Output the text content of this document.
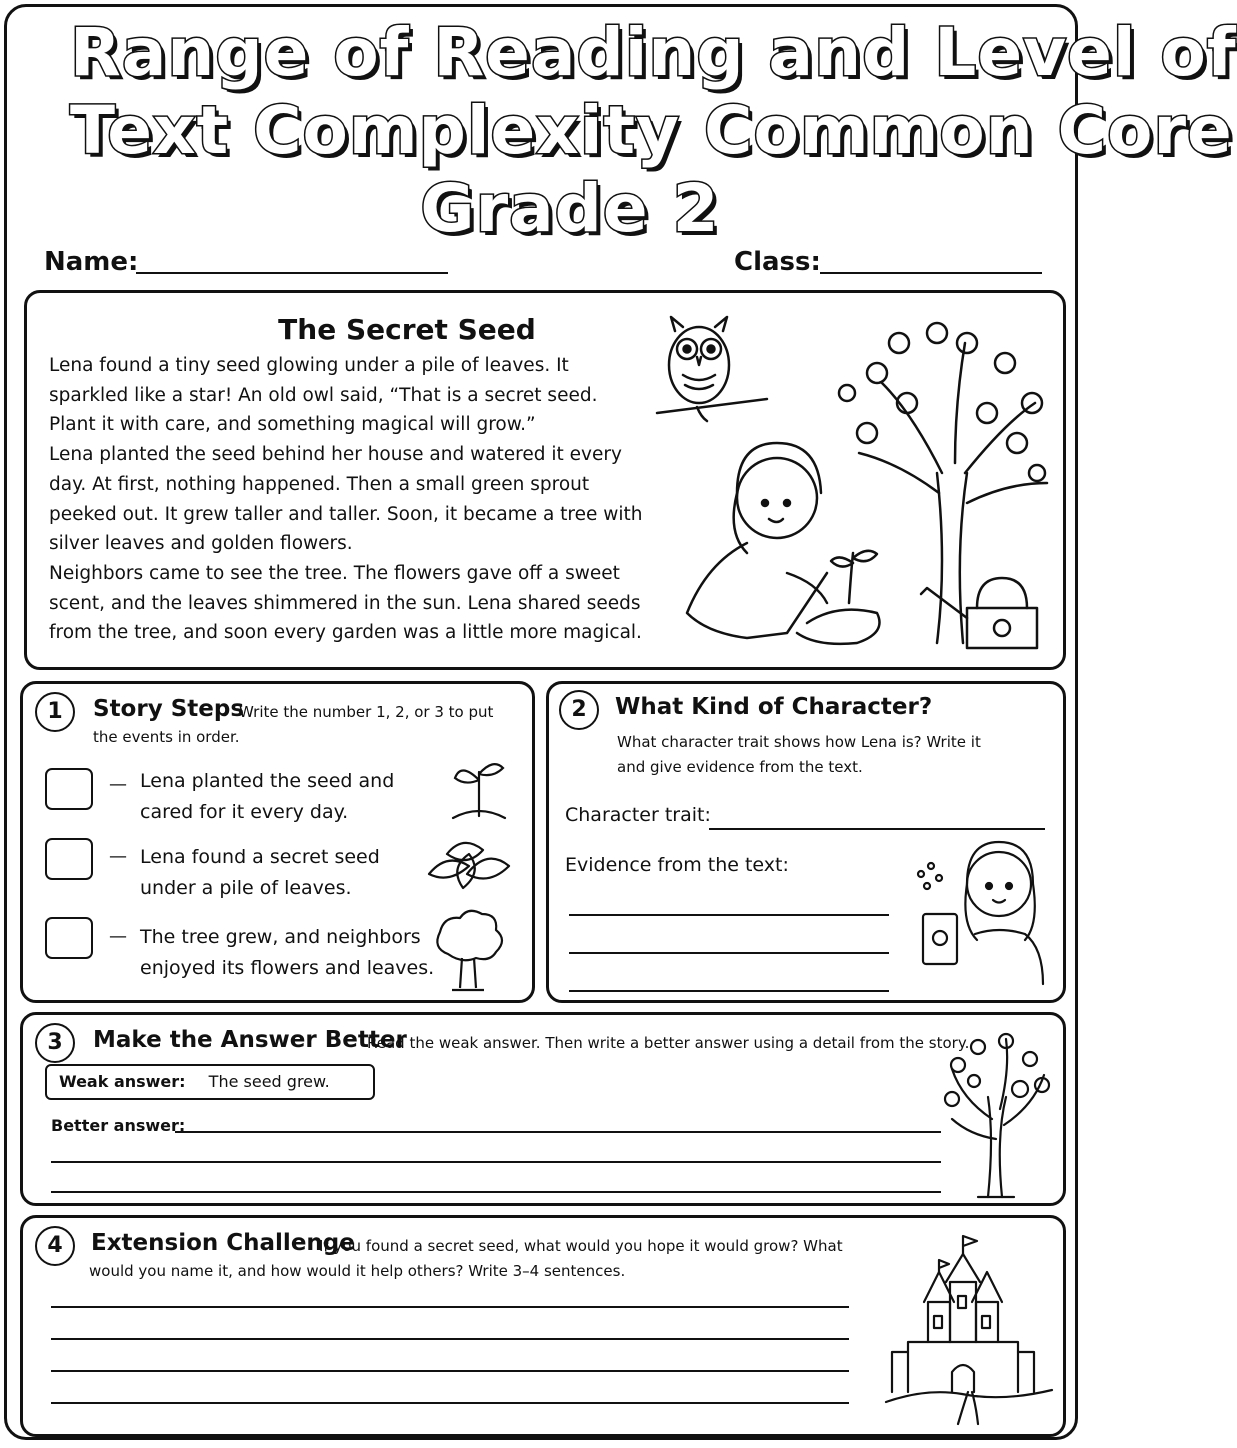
Range of Reading and Level of
Text Complexity Common Core
Grade 2
Name:	Class:
The Secret Seed

Lena found a tiny seed glowing under a pile of leaves. It sparkled like a star! An old owl said, “That is a secret seed. Plant it with care, and something magical will grow.”

Lena planted the seed behind her house and watered it every day. At first, nothing happened. Then a small green sprout peeked out. It grew taller and taller. Soon, it became a tree with silver leaves and golden flowers.

Neighbors came to see the tree. The flowers gave off a sweet scent, and the leaves shimmered in the sun. Lena shared seeds from the tree, and soon every garden was a little more magical.

1	Story Steps
Write the number 1, 2, or 3 to put the events in order.
— Lena planted the seed and
cared for it every day.
— Lena found a secret seed
under a pile of leaves.
— The tree grew, and neighbors
enjoyed its flowers and leaves.
2	What Kind of Character?
What character trait shows how Lena is? Write it and give evidence from the text.
Character trait:
Evidence from the text:
3	Make the Answer Better
Read the weak answer. Then write a better answer using a detail from the story.
Weak answer: The seed grew.
Better answer:
4	Extension Challenge
If you found a secret seed, what would you hope it would grow? What would you name it, and how would it help others? Write 3–4 sentences.
